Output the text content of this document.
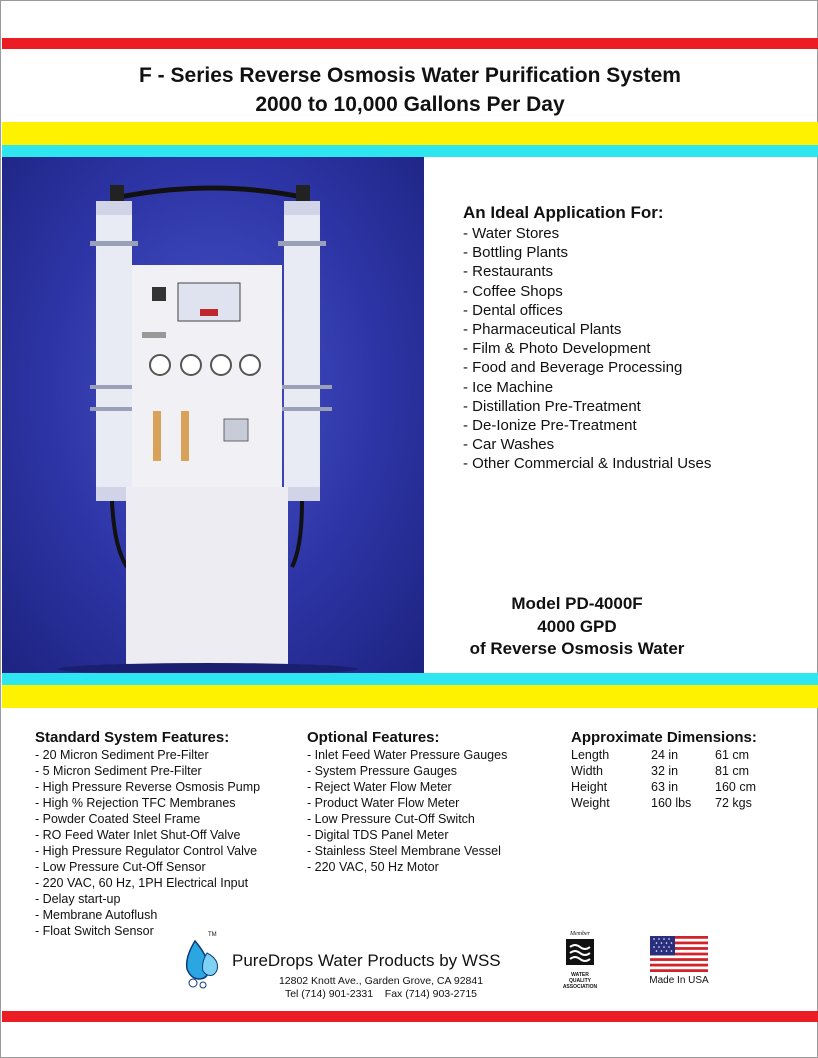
F - Series Reverse Osmosis Water Purification System
2000 to 10,000 Gallons Per Day
An Ideal Application For:
- Water Stores
- Bottling Plants
- Restaurants
- Coffee Shops
- Dental offices
- Pharmaceutical Plants
- Film & Photo Development
- Food and Beverage Processing
- Ice Machine
- Distillation Pre-Treatment
- De-Ionize Pre-Treatment
- Car Washes
- Other Commercial & Industrial Uses
Model PD-4000F
4000 GPD
of Reverse Osmosis Water
Standard System Features:
- 20 Micron Sediment Pre-Filter
- 5 Micron Sediment Pre-Filter
- High Pressure Reverse Osmosis Pump
- High % Rejection TFC Membranes
- Powder Coated Steel Frame
- RO Feed Water Inlet Shut-Off Valve
- High Pressure Regulator Control Valve
- Low Pressure Cut-Off Sensor
- 220 VAC, 60 Hz, 1PH Electrical Input
- Delay start-up
- Membrane Autoflush
- Float Switch Sensor
Optional Features:
- Inlet Feed Water Pressure Gauges
- System Pressure Gauges
- Reject Water Flow Meter
- Product Water Flow Meter
- Low Pressure Cut-Off Switch
- Digital TDS Panel Meter
- Stainless Steel Membrane Vessel
- 220 VAC, 50 Hz Motor
Approximate Dimensions:
Length	24 in	61 cm
Width	32 in	81 cm
Height	63 in	160 cm
Weight	160 lbs	72 kgs
TM
PureDrops Water Products by WSS
12802 Knott Ave., Garden Grove, CA 92841
Tel (714) 901-2331    Fax (714) 903-2715
Member
WATER QUALITY ASSOCIATION
Made In USA
